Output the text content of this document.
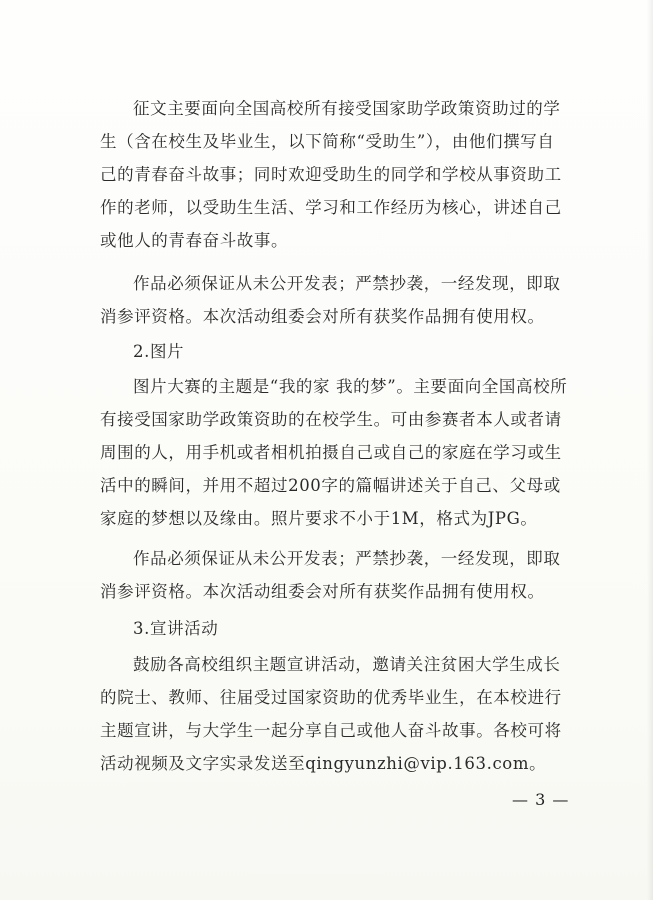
征文主要面向全国高校所有接受国家助学政策资助过的学生（含在校生及毕业生，以下简称“受助生”），由他们撰写自己的青春奋斗故事；同时欢迎受助生的同学和学校从事资助工作的老师，以受助生生活、学习和工作经历为核心，讲述自己或他人的青春奋斗故事。

作品必须保证从未公开发表；严禁抄袭，一经发现，即取消参评资格。本次活动组委会对所有获奖作品拥有使用权。

2.图片

图片大赛的主题是“我的家 我的梦”。主要面向全国高校所有接受国家助学政策资助的在校学生。可由参赛者本人或者请周围的人，用手机或者相机拍摄自己或自己的家庭在学习或生活中的瞬间，并用不超过200字的篇幅讲述关于自己、父母或家庭的梦想以及缘由。照片要求不小于1M，格式为JPG。

作品必须保证从未公开发表；严禁抄袭，一经发现，即取消参评资格。本次活动组委会对所有获奖作品拥有使用权。

3.宣讲活动

鼓励各高校组织主题宣讲活动，邀请关注贫困大学生成长的院士、教师、往届受过国家资助的优秀毕业生，在本校进行主题宣讲，与大学生一起分享自己或他人奋斗故事。各校可将活动视频及文字实录发送至qingyunzhi@vip.163.com。

— 3 —
